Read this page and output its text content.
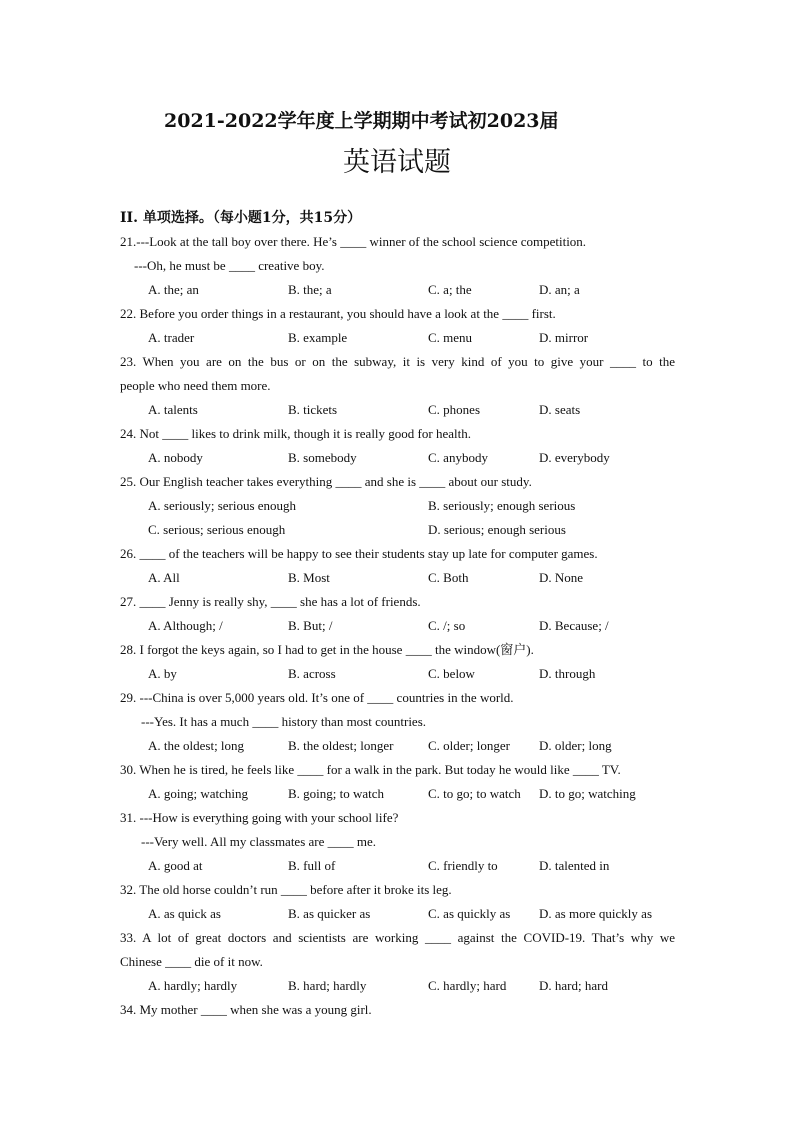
2021-2022学年度上学期期中考试初2023届
英语试题
II. 单项选择。（每小题1分，共15分）
21.---Look at the tall boy over there. He’s ____ winner of the school science competition.
---Oh, he must be ____ creative boy.
A. the; an	B. the; a	C. a; the	D. an; a
22. Before you order things in a restaurant, you should have a look at the ____ first.
A. trader	B. example	C. menu	D. mirror
23. When you are on the bus or on the subway, it is very kind of you to give your ____ to the
people who need them more.
A. talents	B. tickets	C. phones	D. seats
24. Not ____ likes to drink milk, though it is really good for health.
A. nobody	B. somebody	C. anybody	D. everybody
25. Our English teacher takes everything ____ and she is ____ about our study.
A. seriously; serious enough	B. seriously; enough serious
C. serious; serious enough	D. serious; enough serious
26. ____ of the teachers will be happy to see their students stay up late for computer games.
A. All	B. Most	C. Both	D. None
27. ____ Jenny is really shy, ____ she has a lot of friends.
A. Although; /	B. But; /	C. /; so	D. Because; /
28. I forgot the keys again, so I had to get in the house ____ the window(窗户).
A. by	B. across	C. below	D. through
29. ---China is over 5,000 years old. It’s one of ____ countries in the world.
---Yes. It has a much ____ history than most countries.
A. the oldest; long	B. the oldest; longer	C. older; longer D. older; long
30. When he is tired, he feels like ____ for a walk in the park. But today he would like ____ TV.
A. going; watching	B. going; to watch	C. to go; to watch D. to go; watching
31. ---How is everything going with your school life?
---Very well. All my classmates are ____ me.
A. good at	B. full of	C. friendly to	D. talented in
32. The old horse couldn’t run ____ before after it broke its leg.
A. as quick as	B. as quicker as	C. as quickly as D. as more quickly as
33. A lot of great doctors and scientists are working ____ against the COVID-19. That’s why we
Chinese ____ die of it now.
A. hardly; hardly	B. hard; hardly	C. hardly; hard	D. hard; hard
34. My mother ____ when she was a young girl.
